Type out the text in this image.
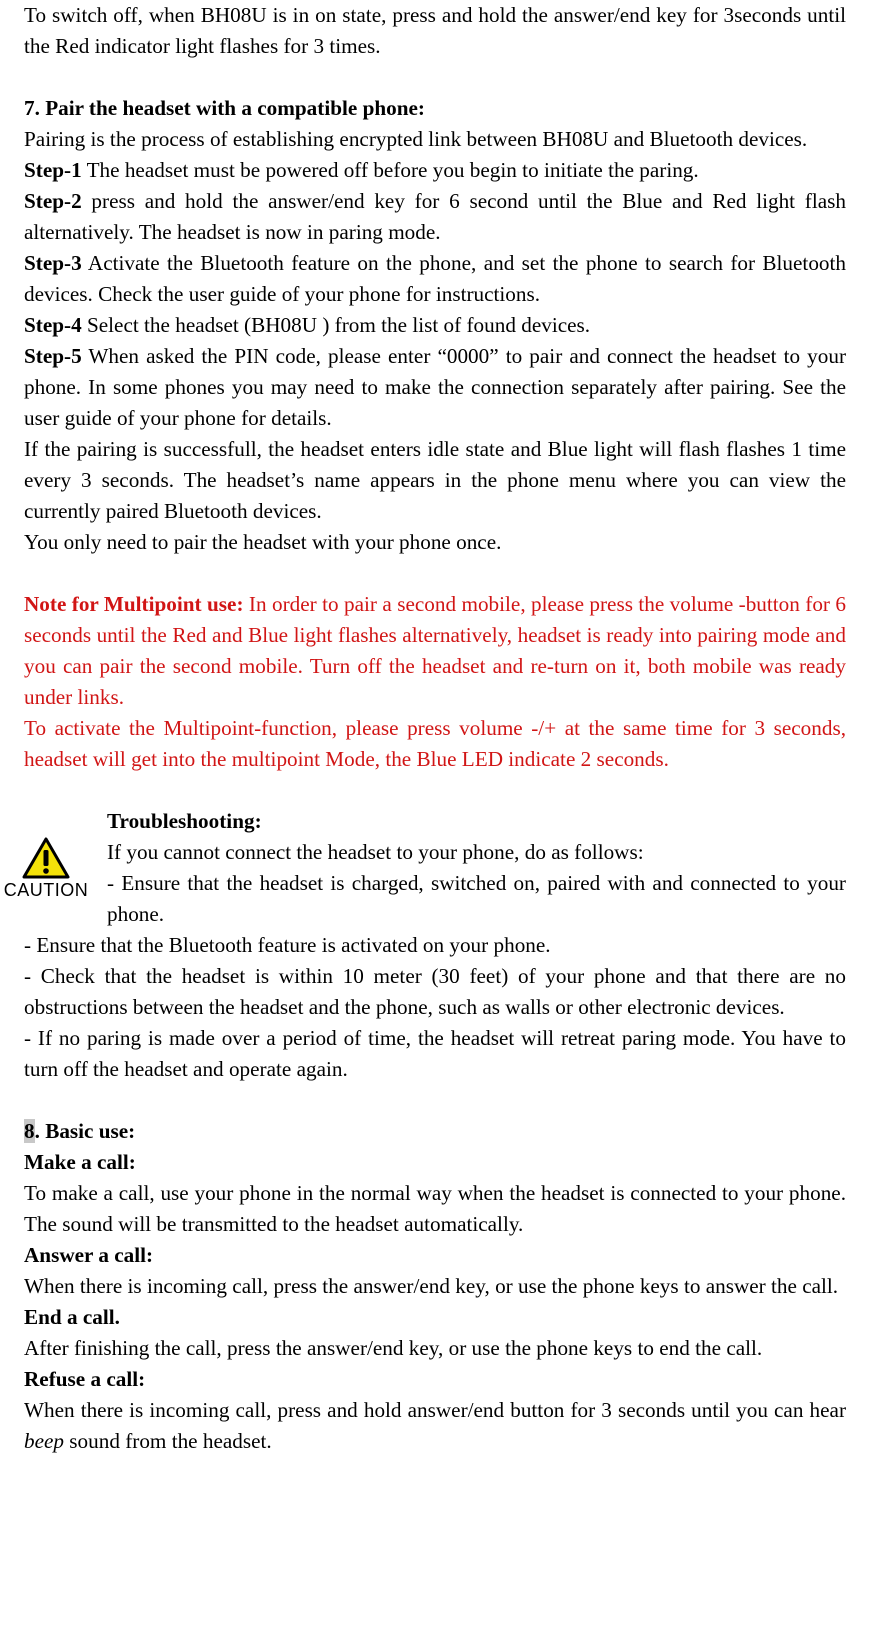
To switch off, when BH08U is in on state, press and hold the answer/end key for 3seconds until the Red indicator light flashes for 3 times.

7. Pair the headset with a compatible phone:

Pairing is the process of establishing encrypted link between BH08U and Bluetooth devices.

Step-1 The headset must be powered off before you begin to initiate the paring.

Step-2 press and hold the answer/end key for 6 second until the Blue and Red light flash alternatively. The headset is now in paring mode.

Step-3 Activate the Bluetooth feature on the phone, and set the phone to search for Bluetooth devices. Check the user guide of your phone for instructions.

Step-4 Select the headset (BH08U ) from the list of found devices.

Step-5 When asked the PIN code, please enter “0000” to pair and connect the headset to your phone. In some phones you may need to make the connection separately after pairing. See the user guide of your phone for details.

If the pairing is successfull, the headset enters idle state and Blue light will flash flashes 1 time every 3 seconds. The headset’s name appears in the phone menu where you can view the currently paired Bluetooth devices.

You only need to pair the headset with your phone once.

Note for Multipoint use: In order to pair a second mobile, please press the volume -button for 6 seconds until the Red and Blue light flashes alternatively, headset is ready into pairing mode and you can pair the second mobile. Turn off the headset and re-turn on it, both mobile was ready under links.

To activate the Multipoint-function, please press volume -/+ at the same time for 3 seconds, headset will get into the multipoint Mode, the Blue LED indicate 2 seconds.

CAUTION

Troubleshooting:

If you cannot connect the headset to your phone, do as follows:

- Ensure that the headset is charged, switched on, paired with and connected to your phone.

- Ensure that the Bluetooth feature is activated on your phone.

- Check that the headset is within 10 meter (30 feet) of your phone and that there are no obstructions between the headset and the phone, such as walls or other electronic devices.

- If no paring is made over a period of time, the headset will retreat paring mode. You have to turn off the headset and operate again.

8. Basic use:

Make a call:

To make a call, use your phone in the normal way when the headset is connected to your phone. The sound will be transmitted to the headset automatically.

Answer a call:

When there is incoming call, press the answer/end key, or use the phone keys to answer the call.

End a call.

After finishing the call, press the answer/end key, or use the phone keys to end the call.

Refuse a call:

When there is incoming call, press and hold answer/end button for 3 seconds until you can hear beep sound from the headset.
